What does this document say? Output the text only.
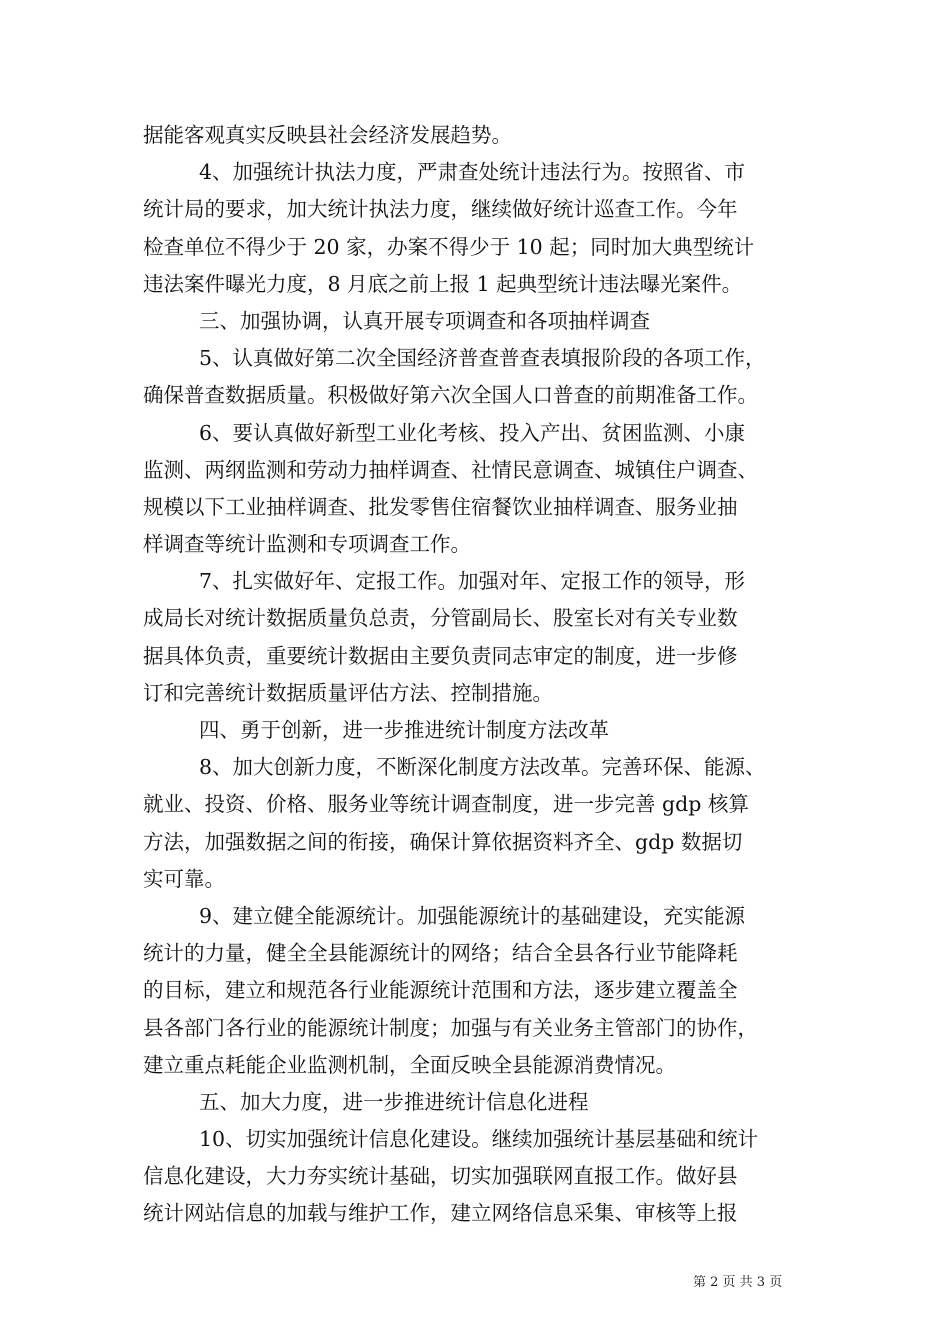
据能客观真实反映县社会经济发展趋势。
4、加强统计执法力度，严肃查处统计违法行为。按照省、市
统计局的要求，加大统计执法力度，继续做好统计巡查工作。今年
检查单位不得少于 20 家，办案不得少于 10 起；同时加大典型统计
违法案件曝光力度，8 月底之前上报 1 起典型统计违法曝光案件。
三、加强协调，认真开展专项调查和各项抽样调查
5、认真做好第二次全国经济普查普查表填报阶段的各项工作，
确保普查数据质量。积极做好第六次全国人口普查的前期准备工作。
6、要认真做好新型工业化考核、投入产出、贫困监测、小康
监测、两纲监测和劳动力抽样调查、社情民意调查、城镇住户调查、
规模以下工业抽样调查、批发零售住宿餐饮业抽样调查、服务业抽
样调查等统计监测和专项调查工作。
7、扎实做好年、定报工作。加强对年、定报工作的领导，形
成局长对统计数据质量负总责，分管副局长、股室长对有关专业数
据具体负责，重要统计数据由主要负责同志审定的制度，进一步修
订和完善统计数据质量评估方法、控制措施。
四、勇于创新，进一步推进统计制度方法改革
8、加大创新力度，不断深化制度方法改革。完善环保、能源、
就业、投资、价格、服务业等统计调查制度，进一步完善 gdp 核算
方法，加强数据之间的衔接，确保计算依据资料齐全、gdp 数据切
实可靠。
9、建立健全能源统计。加强能源统计的基础建设，充实能源
统计的力量，健全全县能源统计的网络；结合全县各行业节能降耗
的目标，建立和规范各行业能源统计范围和方法，逐步建立覆盖全
县各部门各行业的能源统计制度；加强与有关业务主管部门的协作，
建立重点耗能企业监测机制，全面反映全县能源消费情况。
五、加大力度，进一步推进统计信息化进程
10、切实加强统计信息化建设。继续加强统计基层基础和统计
信息化建设，大力夯实统计基础，切实加强联网直报工作。做好县
统计网站信息的加载与维护工作，建立网络信息采集、审核等上报
第 2 页 共 3 页
